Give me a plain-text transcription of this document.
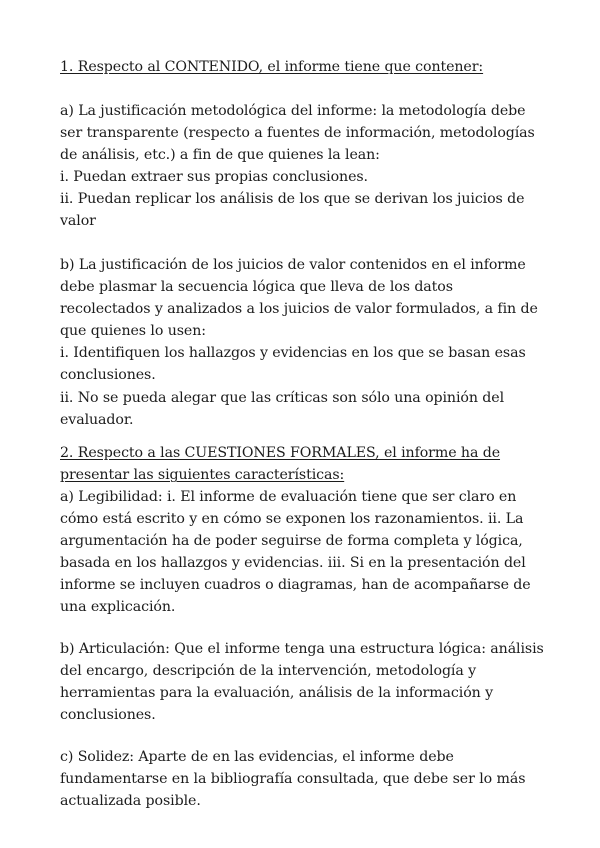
1. Respecto al CONTENIDO, el informe tiene que contener:

a) La justificación metodológica del informe: la metodología debe
ser transparente (respecto a fuentes de información, metodologías
de análisis, etc.) a fin de que quienes la lean:
i. Puedan extraer sus propias conclusiones.
ii. Puedan replicar los análisis de los que se derivan los juicios de
valor

b) La justificación de los juicios de valor contenidos en el informe
debe plasmar la secuencia lógica que lleva de los datos
recolectados y analizados a los juicios de valor formulados, a fin de
que quienes lo usen:
i. Identifiquen los hallazgos y evidencias en los que se basan esas
conclusiones.
ii. No se pueda alegar que las críticas son sólo una opinión del
evaluador.

2. Respecto a las CUESTIONES FORMALES, el informe ha de
presentar las siguientes características:

a) Legibilidad: i. El informe de evaluación tiene que ser claro en
cómo está escrito y en cómo se exponen los razonamientos. ii. La
argumentación ha de poder seguirse de forma completa y lógica,
basada en los hallazgos y evidencias. iii. Si en la presentación del
informe se incluyen cuadros o diagramas, han de acompañarse de
una explicación.

b) Articulación: Que el informe tenga una estructura lógica: análisis
del encargo, descripción de la intervención, metodología y
herramientas para la evaluación, análisis de la información y
conclusiones.

c) Solidez: Aparte de en las evidencias, el informe debe
fundamentarse en la bibliografía consultada, que debe ser lo más
actualizada posible.
